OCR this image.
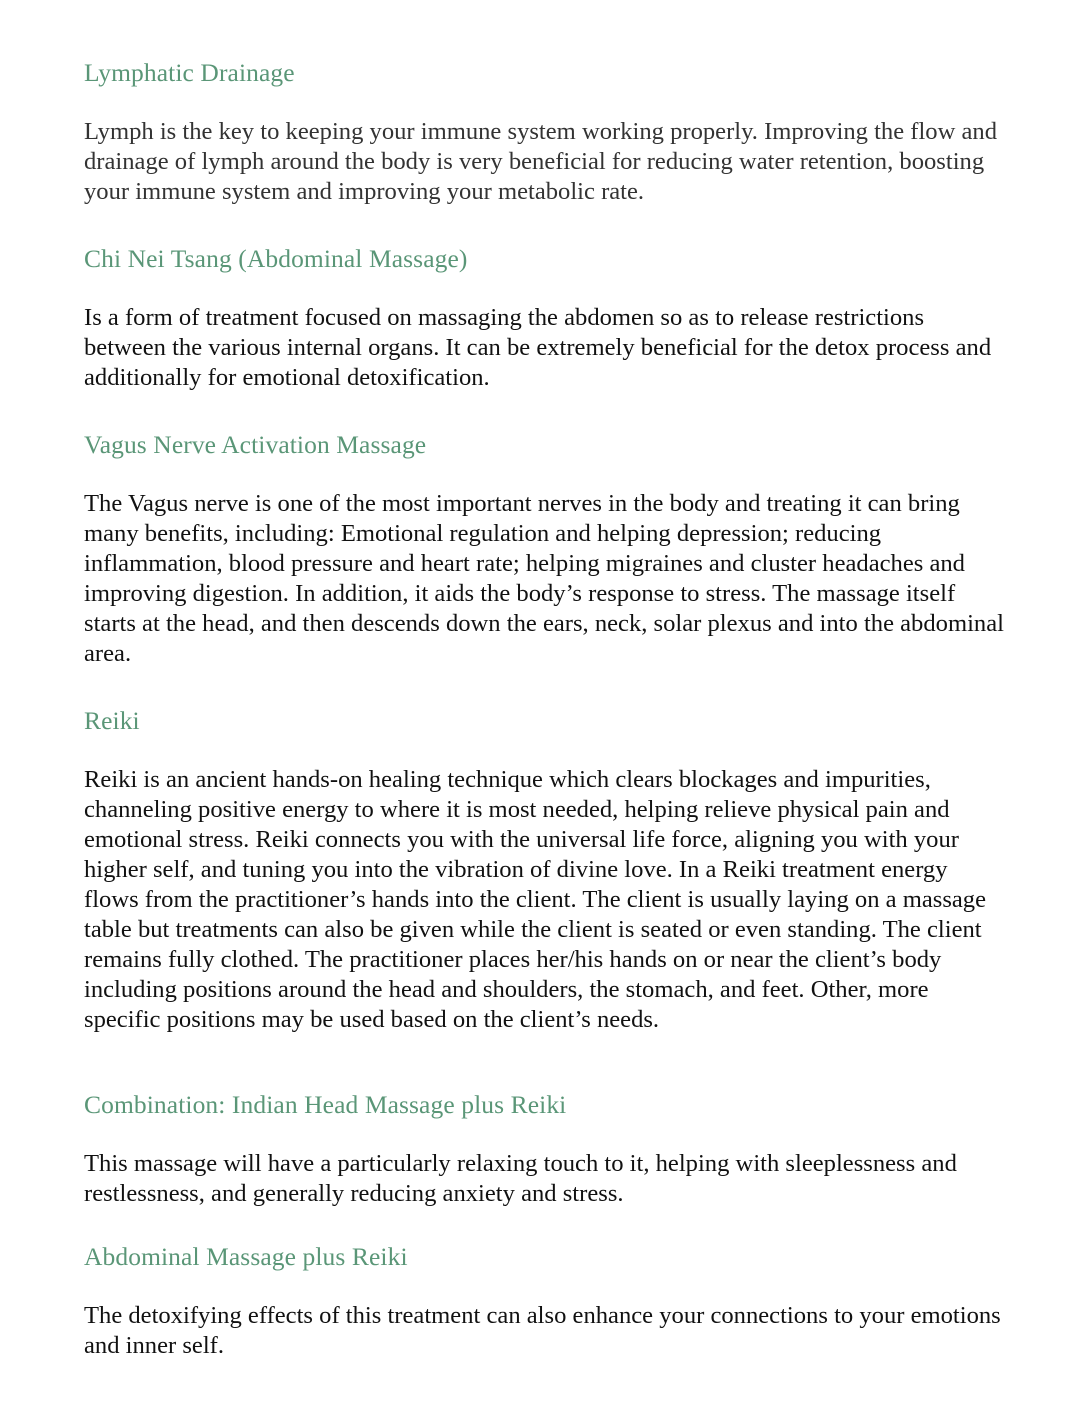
Lymphatic Drainage

Lymph is the key to keeping your immune system working properly. Improving the flow and drainage of lymph around the body is very beneficial for reducing water retention, boosting your immune system and improving your metabolic rate.

Chi Nei Tsang (Abdominal Massage)

Is a form of treatment focused on massaging the abdomen so as to release restrictions between the various internal organs. It can be extremely beneficial for the detox process and additionally for emotional detoxification.

Vagus Nerve Activation Massage

The Vagus nerve is one of the most important nerves in the body and treating it can bring many benefits, including: Emotional regulation and helping depression; reducing inflammation, blood pressure and heart rate; helping migraines and cluster headaches and improving digestion. In addition, it aids the body’s response to stress. The massage itself starts at the head, and then descends down the ears, neck, solar plexus and into the abdominal area.

Reiki

Reiki is an ancient hands-on healing technique which clears blockages and impurities, channeling positive energy to where it is most needed, helping relieve physical pain and emotional stress. Reiki connects you with the universal life force, aligning you with your higher self, and tuning you into the vibration of divine love. In a Reiki treatment energy flows from the practitioner’s hands into the client. The client is usually laying on a massage table but treatments can also be given while the client is seated or even standing. The client remains fully clothed. The practitioner places her/his hands on or near the client’s body including positions around the head and shoulders, the stomach, and feet. Other, more specific positions may be used based on the client’s needs.

Combination: Indian Head Massage plus Reiki

This massage will have a particularly relaxing touch to it, helping with sleeplessness and restlessness, and generally reducing anxiety and stress.

Abdominal Massage plus Reiki

The detoxifying effects of this treatment can also enhance your connections to your emotions and inner self.
